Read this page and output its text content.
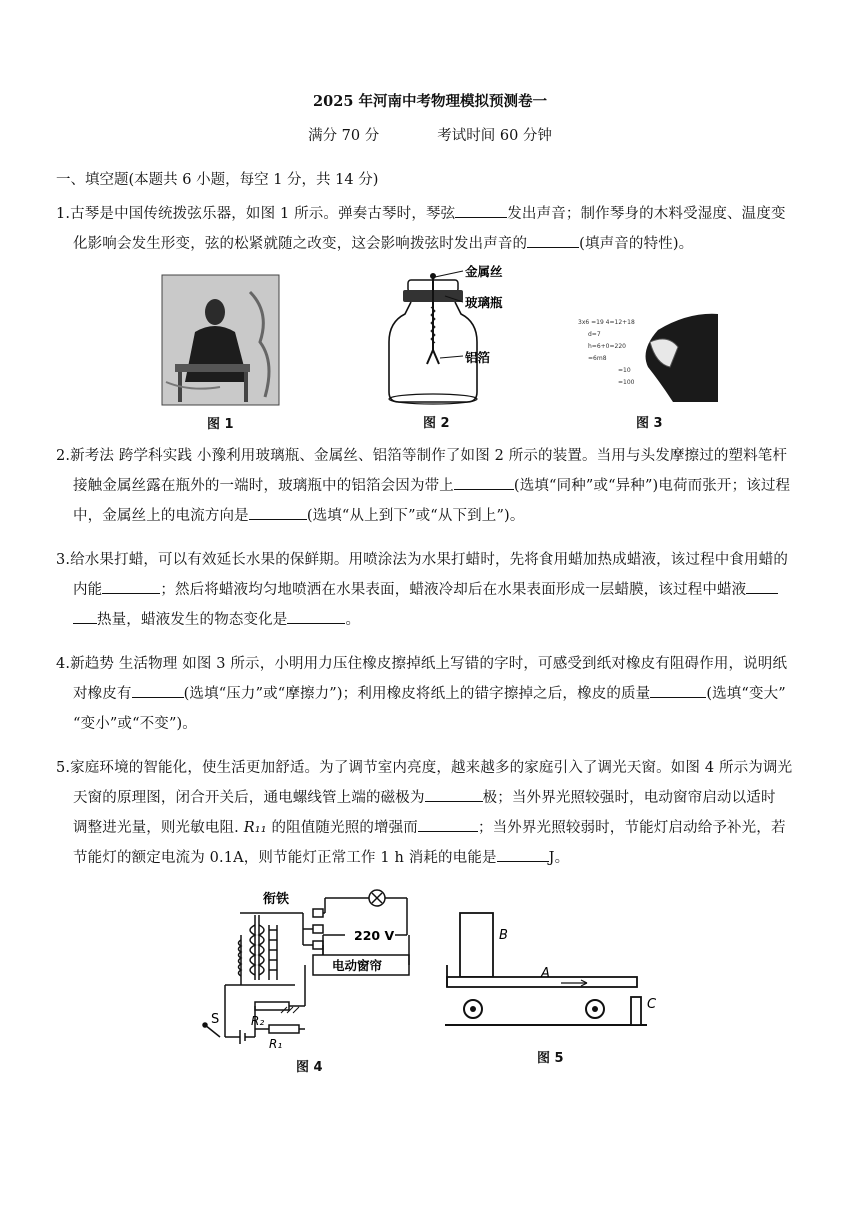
2025 年河南中考物理模拟预测卷一
满分 70 分	考试时间 60 分钟
一、填空题(本题共 6 小题，每空 1 分，共 14 分)
1.古琴是中国传统拨弦乐器，如图 1 所示。弹奏古琴时，琴弦	发出声音；制作琴身的木料受湿度、温度变
化影响会发生形变，弦的松紧就随之改变，这会影响拨弦时发出声音的	(填声音的特性)。
金属丝
玻璃瓶
铝箔
3x6 =19 4=12+18
d=7
h=6+0=220
=6m8
=10
=100
图 1	图 2	图 3
2.新考法 跨学科实践 小豫利用玻璃瓶、金属丝、铝箔等制作了如图 2 所示的装置。当用与头发摩擦过的塑料笔杆
接触金属丝露在瓶外的一端时，玻璃瓶中的铝箔会因为带上	(选填“同种”或“异种”)电荷而张开；该过程
中，金属丝上的电流方向是	(选填“从上到下”或“从下到上”)。
3.给水果打蜡，可以有效延长水果的保鲜期。用喷涂法为水果打蜡时，先将食用蜡加热成蜡液，该过程中食用蜡的
内能	；然后将蜡液均匀地喷洒在水果表面，蜡液冷却后在水果表面形成一层蜡膜，该过程中蜡液
热量，蜡液发生的物态变化是	。
4.新趋势 生活物理 如图 3 所示，小明用力压住橡皮擦掉纸上写错的字时，可感受到纸对橡皮有阻碍作用，说明纸
对橡皮有	(选填“压力”或“摩擦力”)；利用橡皮将纸上的错字擦掉之后，橡皮的质量	(选填“变大”
“变小”或“不变”)。
5.家庭环境的智能化，使生活更加舒适。为了调节室内亮度，越来越多的家庭引入了调光天窗。如图 4 所示为调光
天窗的原理图，闭合开关后，通电螺线管上端的磁极为	极；当外界光照较强时，电动窗帘启动以适时
调整进光量，则光敏电阻. R₁₁ 的阻值随光照的增强而	；当外界光照较弱时，节能灯启动给予补光，若
节能灯的额定电流为 0.1A，则节能灯正常工作 1 h 消耗的电能是	J。
衔铁
220 V
电动窗帘
S	R₂
R₁
B
A
C
图 4
图 5
